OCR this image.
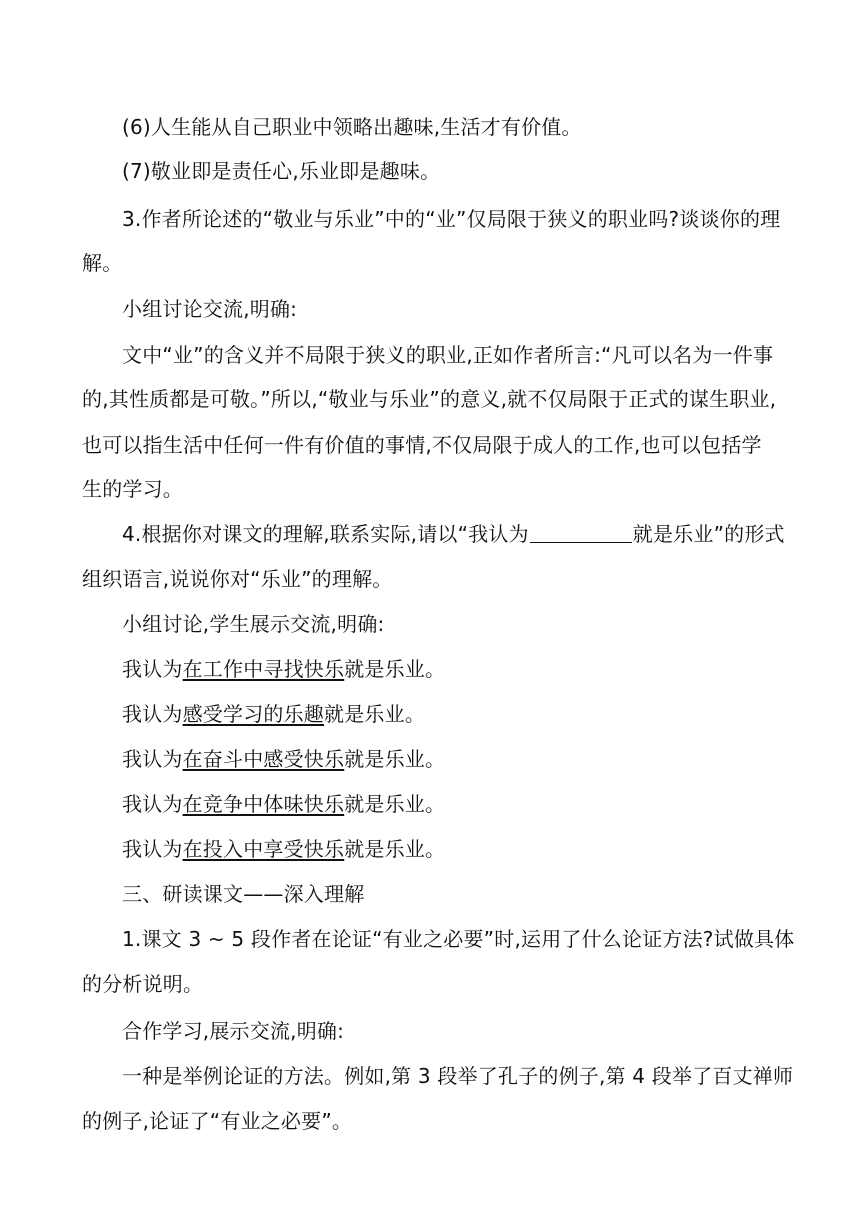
(6)人生能从自己职业中领略出趣味,生活才有价值。
(7)敬业即是责任心,乐业即是趣味。
3.作者所论述的“敬业与乐业”中的“业”仅局限于狭义的职业吗?谈谈你的理
解。
小组讨论交流,明确:
文中“业”的含义并不局限于狭义的职业,正如作者所言:“凡可以名为一件事
的,其性质都是可敬。”所以,“敬业与乐业”的意义,就不仅局限于正式的谋生职业,
也可以指生活中任何一件有价值的事情,不仅局限于成人的工作,也可以包括学
生的学习。
4.根据你对课文的理解,联系实际,请以“我认为	就是乐业”的形式
组织语言,说说你对“乐业”的理解。
小组讨论,学生展示交流,明确:
我认为在工作中寻找快乐就是乐业。
我认为感受学习的乐趣就是乐业。
我认为在奋斗中感受快乐就是乐业。
我认为在竞争中体味快乐就是乐业。
我认为在投入中享受快乐就是乐业。
三、研读课文——深入理解
1.课文 3 ~ 5 段作者在论证“有业之必要”时,运用了什么论证方法?试做具体
的分析说明。
合作学习,展示交流,明确:
一种是举例论证的方法。例如,第 3 段举了孔子的例子,第 4 段举了百丈禅师
的例子,论证了“有业之必要”。
